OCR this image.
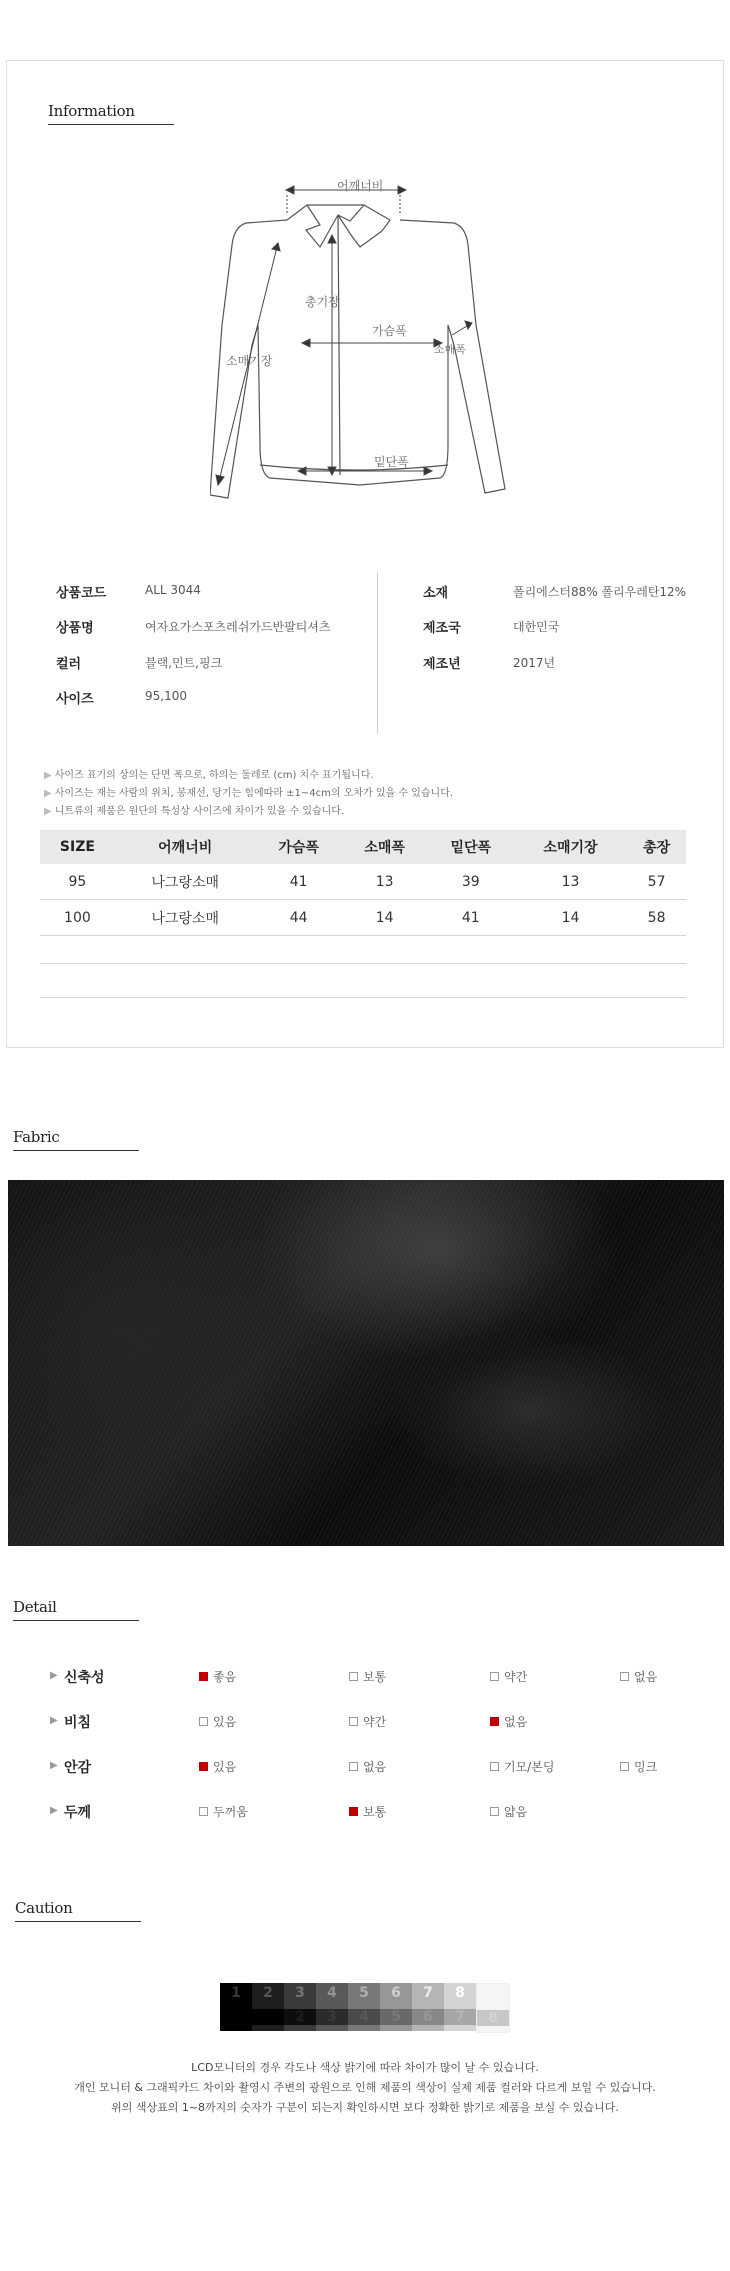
Information
어깨너비
총기장
가슴폭
소매폭
소매기장
밑단폭
상품코드	ALL 3044
상품명	여자요가스포츠레쉬가드반팔티셔츠
컬러	블랙,민트,핑크
사이즈	95,100
소재	폴리에스터88% 폴리우레탄12%
제조국	대한민국
제조년	2017년
▶ 사이즈 표기의 상의는 단면 폭으로, 하의는 둘레로 (cm) 치수 표기됩니다.
▶ 사이즈는 재는 사람의 위치, 봉재선, 당기는 힘에따라 ±1~4cm의 오차가 있을 수 있습니다.
▶ 니트류의 제품은 원단의 특성상 사이즈에 차이가 있을 수 있습니다.
SIZE	어깨너비	가슴폭	소매폭	밑단폭	소매기장	총장
95	나그랑소매	41	13	39	13	57
100	나그랑소매	44	14	41	14	58
Fabric
Detail
▶ 신축성	좋음	보통	약간	없음
▶ 비침	있음	약간	없음
▶ 안감	있음	없음	기모/본딩	밍크
▶ 두께	두꺼움	보통	얇음
Caution
1	2
1
3
2
4
3
5
4
6
5
7
6
8
7	8
LCD모니터의 경우 각도나 색상 밝기에 따라 차이가 많이 날 수 있습니다.
개인 모니터 & 그래픽카드 차이와 촬영시 주변의 광원으로 인해 제품의 색상이 실제 제품 컬러와 다르게 보일 수 있습니다.
위의 색상표의 1~8까지의 숫자가 구분이 되는지 확인하시면 보다 정확한 밝기로 제품을 보실 수 있습니다.
